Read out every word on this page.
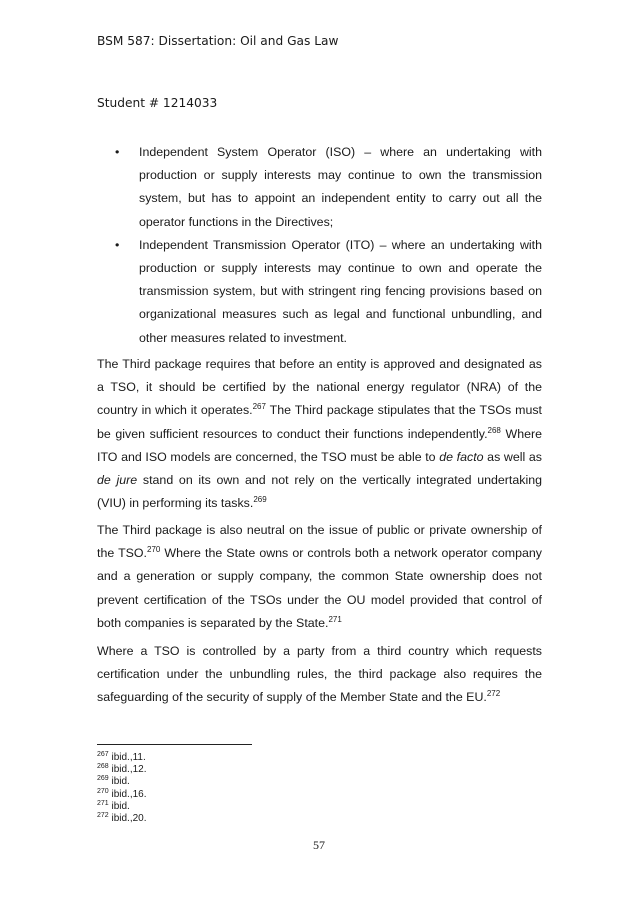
BSM 587: Dissertation: Oil and Gas Law
Student # 1214033
• Independent System Operator (ISO) – where an undertaking with production or supply interests may continue to own the transmission system, but has to appoint an independent entity to carry out all the operator functions in the Directives;
• Independent Transmission Operator (ITO) – where an undertaking with production or supply interests may continue to own and operate the transmission system, but with stringent ring fencing provisions based on organizational measures such as legal and functional unbundling, and other measures related to investment.

The Third package requires that before an entity is approved and designated as a TSO, it should be certified by the national energy regulator (NRA) of the country in which it operates.$^{267}$ The Third package stipulates that the TSOs must be given sufficient resources to conduct their functions independently.$^{268}$ Where ITO and ISO models are concerned, the TSO must be able to de facto as well as de jure stand on its own and not rely on the vertically integrated undertaking (VIU) in performing its tasks.$^{269}$

The Third package is also neutral on the issue of public or private ownership of the TSO.$^{270}$ Where the State owns or controls both a network operator company and a generation or supply company, the common State ownership does not prevent certification of the TSOs under the OU model provided that control of both companies is separated by the State.$^{271}$

Where a TSO is controlled by a party from a third country which requests certification under the unbundling rules, the third package also requires the safeguarding of the security of supply of the Member State and the EU.$^{272}$

$^{267}$ ibid.,11.
$^{268}$ ibid.,12.
$^{269}$ ibid.
$^{270}$ ibid.,16.
$^{271}$ ibid.
$^{272}$ ibid.,20.
57
